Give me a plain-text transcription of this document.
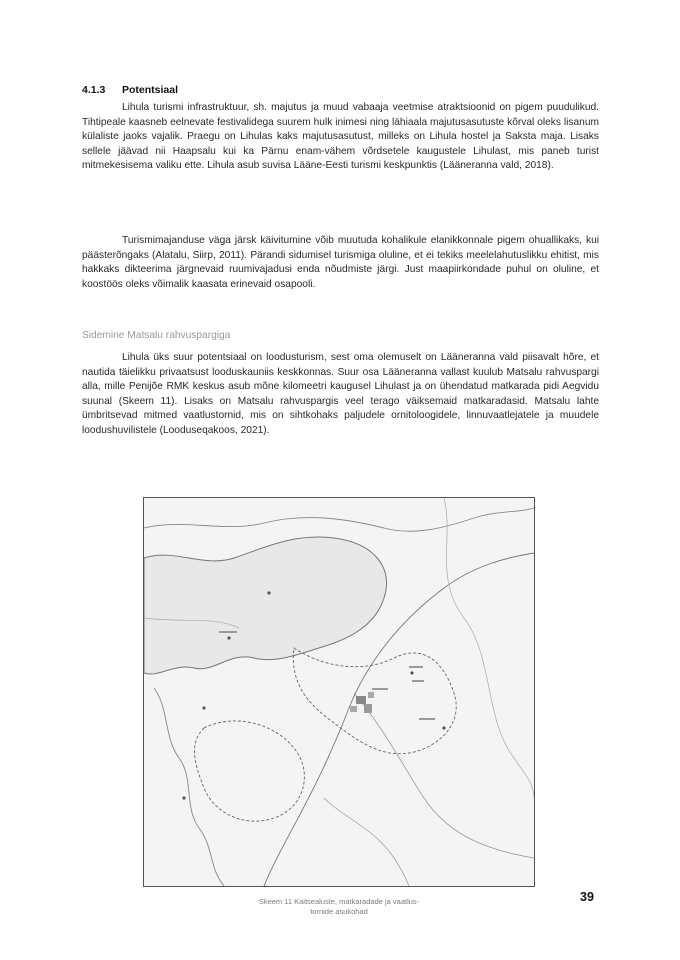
4.1.3 Potentsiaal

Lihula turismi infrastruktuur, sh. majutus ja muud vabaaja veetmise atraktsioonid on pigem puudulikud. Tihtipeale kaasneb eelnevate festivalidega suurem hulk inimesi ning lähiaala majutusasutuste kõrval oleks lisanum külaliste jaoks vajalik. Praegu on Lihulas kaks majutusasutust, milleks on Lihula hostel ja Saksta maja. Lisaks sellele jäävad nii Haapsalu kui ka Pärnu enam-vähem võrdsetele kaugustele Lihulast, mis paneb turist mitmekesisema valiku ette. Lihula asub suvisa Lääne-Eesti turismi keskpunktis (Lääneranna vald, 2018).

Turismimajanduse väga järsk käivitumine võib muutuda kohalikule elanikkonnale pigem ohuallikaks, kui päästerõngaks (Alatalu, Siirp, 2011). Pärandi sidumisel turismiga oluline, et ei tekiks meelelahutuslikku ehitist, mis hakkaks dikteerima järgnevaid ruumivajadusi enda nõudmiste järgi. Just maapiirkondade puhul on oluline, et koostöös oleks võimalik kaasata erinevaid osapooli.

Sidemine Matsalu rahvuspargiga

Lihula üks suur potentsiaal on loodusturism, sest oma olemuselt on Lääneranna vald piisavalt hõre, et nautida täielikku privaatsust looduskauniis keskkonnas. Suur osa Lääneranna vallast kuulub Matsalu rahvuspargi alla, mille Penijõe RMK keskus asub mõne kilomeetri kaugusel Lihulast ja on ühendatud matkarada pidi Aegvidu suunal (Skeem 11). Lisaks on Matsalu rahvuspargis veel terago väiksemaid matkaradasid. Matsalu lahte ümbritsevad mitmed vaatlustornid, mis on sihtkohaks paljudele ornitoloogidele, linnuvaatlejatele ja muudele loodushuvilistele (Looduseqakoos, 2021).

Skeem 11 Kaitsealuste, matkaradade ja vaatlus-
tornide asukohad
39
